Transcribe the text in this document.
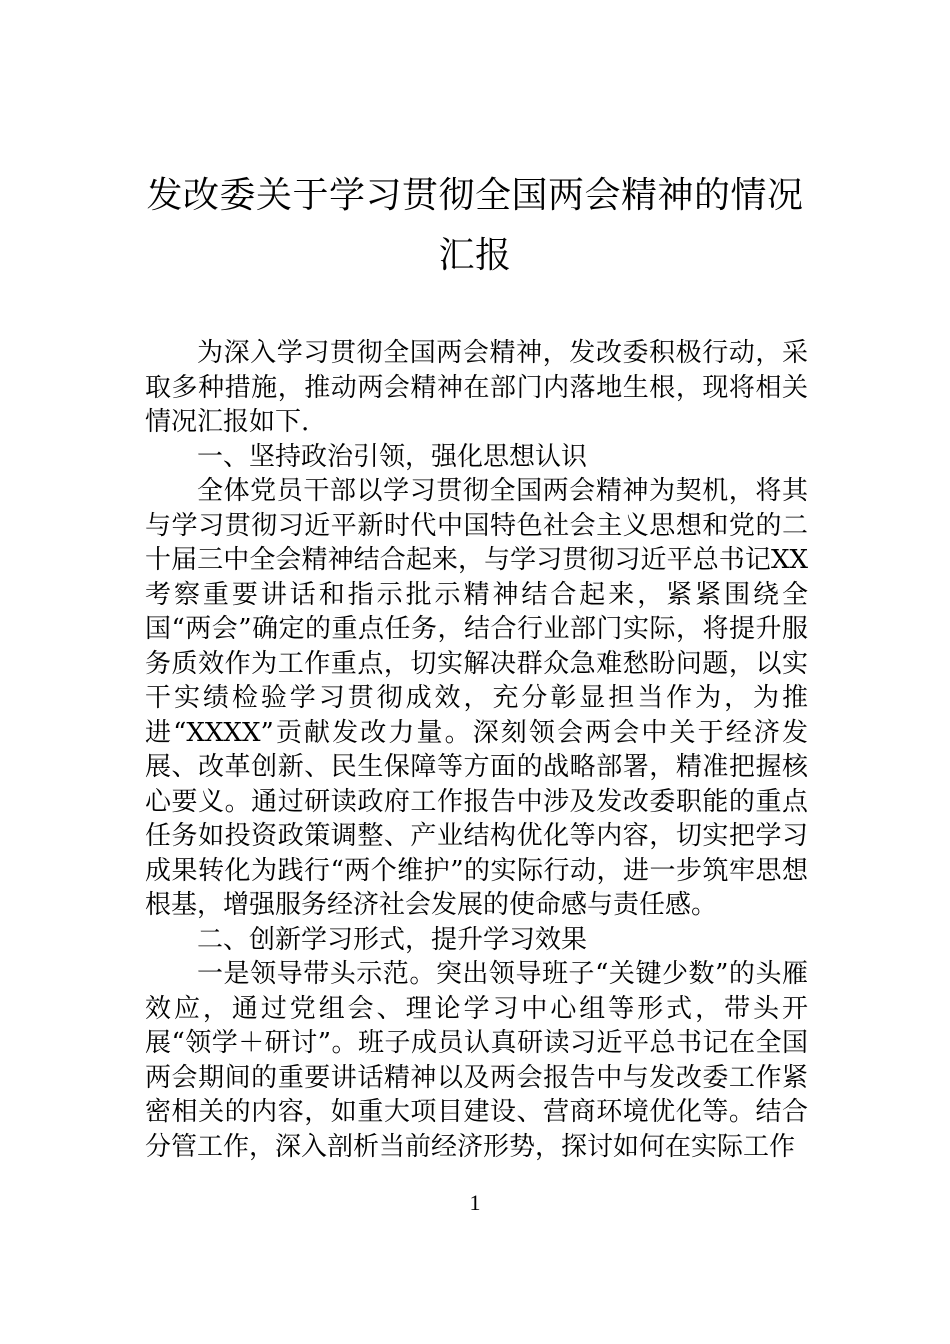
发改委关于学习贯彻全国两会精神的情况
汇报

为深入学习贯彻全国两会精神，发改委积极行动，采取多种措施，推动两会精神在部门内落地生根，现将相关情况汇报如下.

一、坚持政治引领，强化思想认识

全体党员干部以学习贯彻全国两会精神为契机，将其与学习贯彻习近平新时代中国特色社会主义思想和党的二十届三中全会精神结合起来，与学习贯彻习近平总书记XX考察重要讲话和指示批示精神结合起来，紧紧围绕全国“两会”确定的重点任务，结合行业部门实际，将提升服务质效作为工作重点，切实解决群众急难愁盼问题，以实干实绩检验学习贯彻成效，充分彰显担当作为，为推进“XXXX”贡献发改力量。深刻领会两会中关于经济发展、改革创新、民生保障等方面的战略部署，精准把握核心要义。通过研读政府工作报告中涉及发改委职能的重点任务如投资政策调整、产业结构优化等内容，切实把学习成果转化为践行“两个维护”的实际行动，进一步筑牢思想根基，增强服务经济社会发展的使命感与责任感。

二、创新学习形式，提升学习效果

一是领导带头示范。突出领导班子“关键少数”的头雁效应，通过党组会、理论学习中心组等形式，带头开展“领学＋研讨”。班子成员认真研读习近平总书记在全国两会期间的重要讲话精神以及两会报告中与发改委工作紧密相关的内容，如重大项目建设、营商环境优化等。结合分管工作，深入剖析当前经济形势，探讨如何在实际工作

1
